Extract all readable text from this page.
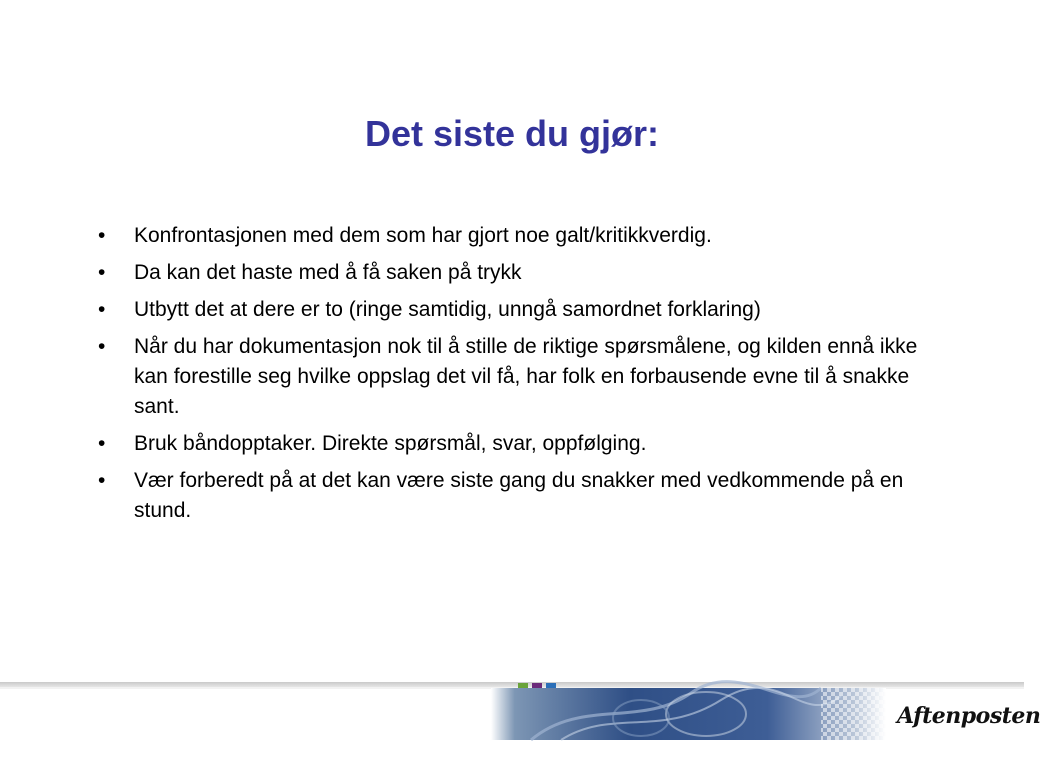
Det siste du gjør:
• Konfrontasjonen med dem som har gjort noe galt/kritikkverdig.
• Da kan det haste med å få saken på trykk
• Utbytt det at dere er to (ringe samtidig, unngå samordnet forklaring)
• Når du har dokumentasjon nok til å stille de riktige spørsmålene, og kilden ennå ikke kan forestille seg hvilke oppslag det vil få, har folk en forbausende evne til å snakke sant.
• Bruk båndopptaker. Direkte spørsmål, svar, oppfølging.
• Vær forberedt på at det kan være siste gang du snakker med vedkommende på en stund.
Aftenposten
